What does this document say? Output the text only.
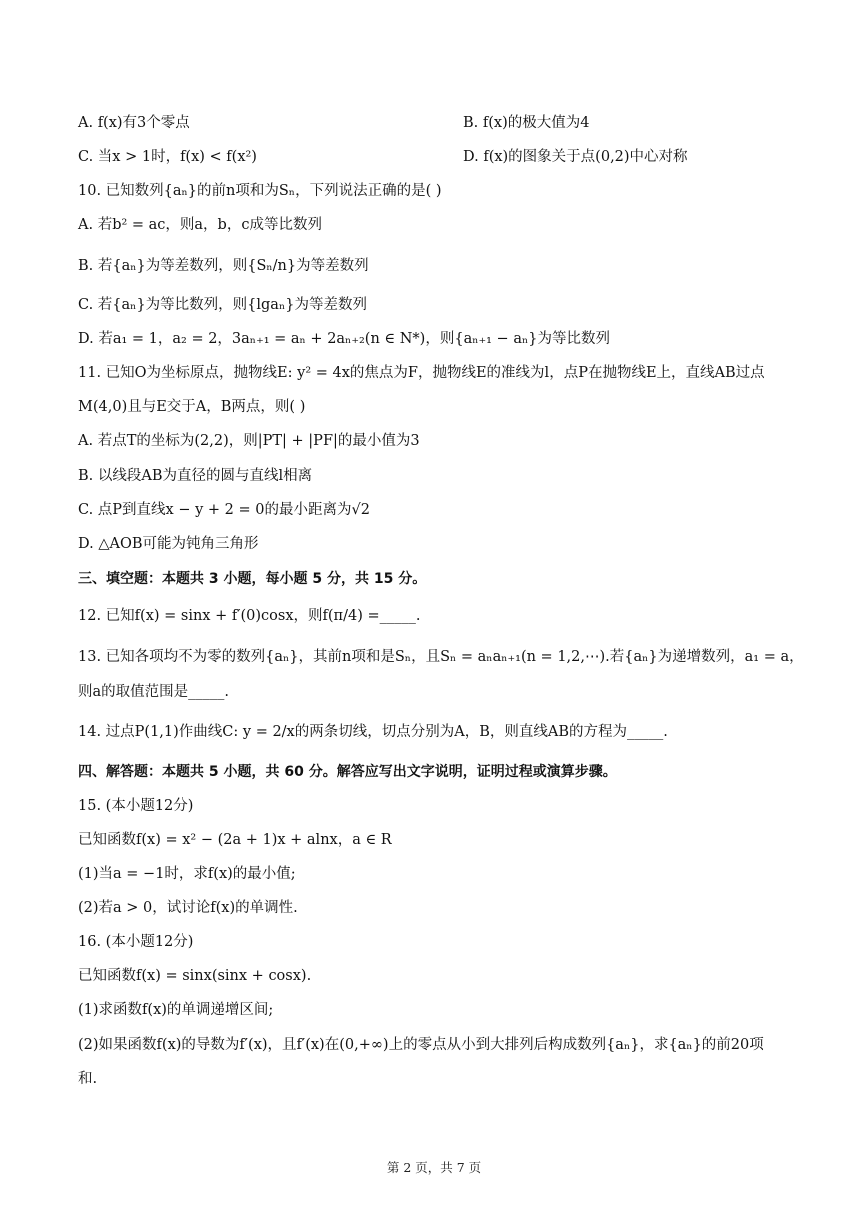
A. f(x)有3个零点	B. f(x)的极大值为4
C. 当x > 1时，f(x) < f(x²)	D. f(x)的图象关于点(0,2)中心对称
10. 已知数列{aₙ}的前n项和为Sₙ，下列说法正确的是( )
A. 若b² = ac，则a，b，c成等比数列
B. 若{aₙ}为等差数列，则{Sₙ/n}为等差数列
C. 若{aₙ}为等比数列，则{lgaₙ}为等差数列
D. 若a₁ = 1，a₂ = 2，3aₙ₊₁ = aₙ + 2aₙ₊₂(n ∈ N*)，则{aₙ₊₁ − aₙ}为等比数列
11. 已知O为坐标原点，抛物线E: y² = 4x的焦点为F，抛物线E的准线为l，点P在抛物线E上，直线AB过点
M(4,0)且与E交于A，B两点，则( )
A. 若点T的坐标为(2,2)，则|PT| + |PF|的最小值为3
B. 以线段AB为直径的圆与直线l相离
C. 点P到直线x − y + 2 = 0的最小距离为√2
D. △AOB可能为钝角三角形
三、填空题：本题共 3 小题，每小题 5 分，共 15 分。
12. 已知f(x) = sinx + f′(0)cosx，则f(π/4) =_____.
13. 已知各项均不为零的数列{aₙ}，其前n项和是Sₙ，且Sₙ = aₙaₙ₊₁(n = 1,2,⋯).若{aₙ}为递增数列，a₁ = a，
则a的取值范围是_____.
14. 过点P(1,1)作曲线C: y = 2/x的两条切线，切点分别为A，B，则直线AB的方程为_____.
四、解答题：本题共 5 小题，共 60 分。解答应写出文字说明，证明过程或演算步骤。
15. (本小题12分)
已知函数f(x) = x² − (2a + 1)x + alnx，a ∈ R
(1)当a = −1时，求f(x)的最小值;
(2)若a > 0，试讨论f(x)的单调性.
16. (本小题12分)
已知函数f(x) = sinx(sinx + cosx).
(1)求函数f(x)的单调递增区间;
(2)如果函数f(x)的导数为f′(x)，且f′(x)在(0,+∞)上的零点从小到大排列后构成数列{aₙ}，求{aₙ}的前20项
和.
第 2 页，共 7 页
